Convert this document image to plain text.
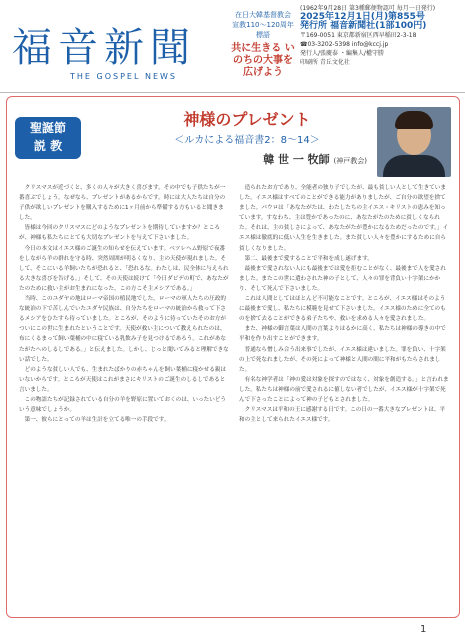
福音新聞
THE GOSPEL NEWS
在日大韓基督教会
宣教110〜120周年
標語
共に生きる いのちの大事を 広げよう
(1962年9月28日 第3種郵便物認可 毎月一日発行)
2025年12月1日(月)第855号
発行所 福音新聞社(1部100円)
〒169-0051 東京都新宿区西早稲田2-3-18
☎03-3202-5398 info@kccj.jp
発行人/張慶泰 ・編集人/權守勝
印刷所 青丘文化社
聖誕節
説 教
神様のプレゼント
＜ルカによる福音書2：8〜14＞
韓 世 一 牧師 (神戸教会)

クリスマスが近づくと、多くの人々が大きく喜びます。その中でも子供たちが一番喜ぶでしょう。なぜなら、プレゼントがあるからです。時には大人たちは自分の子供が欲しいプレゼントを購入するために1ヶ月前から準備する方もいると聞きました。

皆様は今回のクリスマスにどのようなプレゼントを期待していますか？ところが、神様も私たちにとても大切なプレゼントを与えて下さいました。

今日の本文はイエス様のご誕生の知らせを伝えています。ベツレヘム野原で夜番をしながら羊の群れを守る時、突然周囲が明るくなり、主の天使が現れました。そして、そこにいる羊飼いたちが恐れると、「恐れるな。わたしは、民全体に与えられる大きな喜びを告げる。」そして、その天使は続けて「今日ダビデの町で、あなたがたのために救い主がお生まれになった。この方こそ主メシアである。」

当時、このユダヤの地はローマ帝国の植民地でした。ローマの軍人たちの圧政的な統治の下で苦しんでいたユダヤ民族は、自分たちをローマの統治から救って下さるメシアをひたすら待っていました。ところが、そのように待っていたそのお方がついにこの世に生まれたということです。天使が救い主について教えられたのは、布にくるまって飼い葉桶の中に寝ている乳飲み子を見つけるであろう。これがあなたがたへのしるしである。」と伝えました。しかし、じっと聞いてみると理解できない話でした。

どのような貧しい人でも、生まれたばかりの赤ちゃんを飼い葉桶に寝かせる親はいないからです。ところが天使はこれがまさにキリストのご誕生のしるしであると言いました。

この物語たちが記録されている自分の羊を野原に置いておくのは、いったいどういう意味でしょうか。

第一、彼らにとっての羊は生計を立てる唯一の手段です。

造られたお方であり、全能者の独り子でしたが、最も貧しい人として生きていました。イエス様はすべてのことができる能力がありましたが、ご自分の欲望を捨てました。パウロは「あなたがたは、わたしたちの主イエス・キリストの恵みを知っています。すなわち、主は豊かであったのに、あなたがたのために貧しくなられた。それは、主の貧しさによって、あなたがたが豊かになるためだったのです。」イエス様は徹底的に低い人生を生きました。また貧しい人々を豊かにするために自ら貧しくなりました。

第二、最後まで愛することで平和を成し遂げます。

最後まで愛されない人にも最後までは愛を拒むことがなく、最後まで人を愛されました。またこの世に遣わされた神の子として、人々の罪を背負い十字架にかかり、そして死んで下さいました。

これは人間としてはほとんど不可能なことです。ところが、イエス様はそのように最後まで愛し、私たちに模範を見せて下さいました。イエス様のために全てのものを捨て去ることができる弟子たちや、救いを求める人々を愛されました。

また、神様の御言葉は人間の言葉よりはるかに高く、私たちは神様の導きの中で平和を作り出すことができます。

普通なら憎しみ合う出来事でしたが、イエス様は違いました。罪を負い、十字架の上で死なれましたが、その死によって神様と人間の間に平和がもたらされました。

有名な神学者は「神の愛は対象を探すのではなく、対象を創造する。」と言われました。私たちは神様の前で愛されるに値しない者でしたが、イエス様が十字架で死んで下さったことによって神の子どもとされました。

クリスマスは平和の王に感謝する日です。この日の一番大きなプレゼントは、平和の主として来られたイエス様です。

1
